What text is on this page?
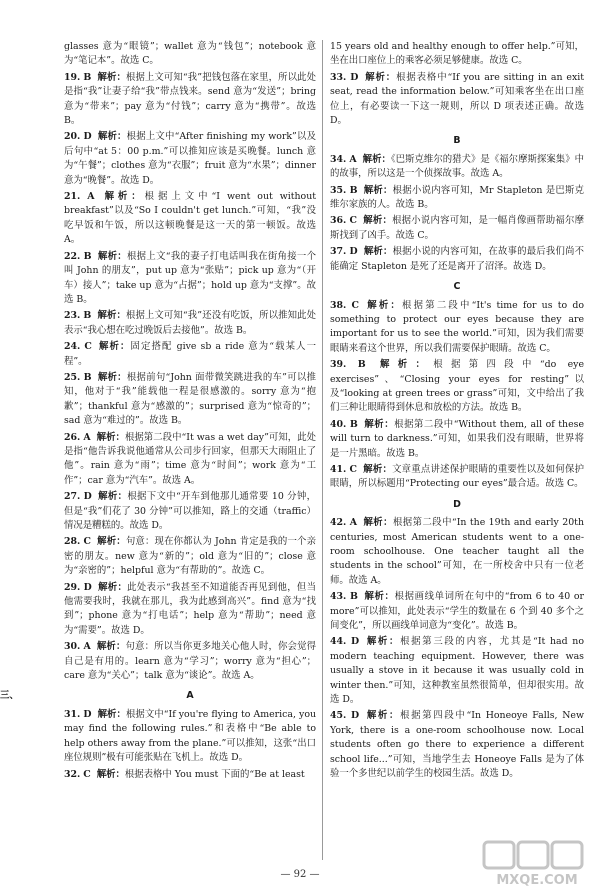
glasses 意为“眼镜”；wallet 意为“钱包”；notebook 意为“笔记本”。故选 C。
19. B 解析：根据上文可知“我”把钱包落在家里，所以此处是指“我”让妻子给“我”带点钱来。send 意为“发送”；bring 意为“带来”；pay 意为“付钱”；carry 意为“携带”。故选 B。
20. D 解析：根据上文中“After finishing my work”以及后句中“at 5：00 p.m.”可以推知应该是买晚餐。lunch 意为“午餐”；clothes 意为“衣服”；fruit 意为“水果”；dinner 意为“晚餐”。故选 D。
21. A 解析：根据上文中“I went out without breakfast”以及“So I couldn't get lunch.”可知，“我”没吃早饭和午饭，所以这顿晚餐是这一天的第一顿饭。故选 A。
22. B 解析：根据上文“我的妻子打电话叫我在街角接一个叫 John 的朋友”，put up 意为“张贴”；pick up 意为“（开车）接人”；take up 意为“占据”；hold up 意为“支撑”。故选 B。
23. B 解析：根据上文可知“我”还没有吃饭，所以推知此处表示“我心想在吃过晚饭后去接他”。故选 B。
24. C 解析：固定搭配 give sb a ride 意为“载某人一程”。
25. B 解析：根据前句“John 面带微笑跳进我的车”可以推知，他对于“我”能载他一程是很感激的。sorry 意为“抱歉”；thankful 意为“感激的”；surprised 意为“惊奇的”；sad 意为“难过的”。故选 B。
26. A 解析：根据第二段中“It was a wet day”可知，此处是指“他告诉我说他通常从公司步行回家，但那天大雨阻止了他”。rain 意为“雨”；time 意为“时间”；work 意为“工作”；car 意为“汽车”。故选 A。
27. D 解析：根据下文中“开车到他那儿通常要 10 分钟，但是“我”们花了 30 分钟”可以推知，路上的交通（traffic）情况是糟糕的。故选 D。
28. C 解析：句意：现在你都认为 John 肯定是我的一个亲密的朋友。new 意为“新的”；old 意为“旧的”；close 意为“亲密的”；helpful 意为“有帮助的”。故选 C。
29. D 解析：此处表示“我甚至不知道能否再见到他，但当他需要我时，我就在那儿，我为此感到高兴”。find 意为“找到”；phone 意为“打电话”；help 意为“帮助”；need 意为“需要”。故选 D。
30. A 解析：句意：所以当你更多地关心他人时，你会觉得自己是有用的。learn 意为“学习”；worry 意为“担心”；care 意为“关心”；talk 意为“谈论”。故选 A。
三、	A
31. D 解析：根据文中“If you're flying to America, you may find the following rules.”和表格中“Be able to help others away from the plane.”可以推知，这张“出口座位规则”极有可能张贴在飞机上。故选 D。
32. C 解析：根据表格中 You must 下面的“Be at least
15 years old and healthy enough to offer help.”可知，坐在出口座位上的乘客必须足够健康。故选 C。
33. D 解析：根据表格中“If you are sitting in an exit seat, read the information below.”可知乘客坐在出口座位上，有必要读一下这一规则，所以 D 项表述正确。故选 D。
B
34. A 解析：《巴斯克维尔的猎犬》是《福尔摩斯探案集》中的故事，所以这是一个侦探故事。故选 A。
35. B 解析：根据小说内容可知，Mr Stapleton 是巴斯克维尔家族的人。故选 B。
36. C 解析：根据小说内容可知，是一幅肖像画帮助福尔摩斯找到了凶手。故选 C。
37. D 解析：根据小说的内容可知，在故事的最后我们尚不能确定 Stapleton 是死了还是离开了沼泽。故选 D。
C
38. C 解析：根据第二段中“It's time for us to do something to protect our eyes because they are important for us to see the world.”可知，因为我们需要眼睛来看这个世界，所以我们需要保护眼睛。故选 C。
39. B 解析：根据第四段中“do eye exercises”、“Closing your eyes for resting”以及“looking at green trees or grass”可知，文中给出了我们三种让眼睛得到休息和放松的方法。故选 B。
40. B 解析：根据第二段中“Without them, all of these will turn to darkness.”可知，如果我们没有眼睛，世界将是一片黑暗。故选 B。
41. C 解析：文章重点讲述保护眼睛的重要性以及如何保护眼睛，所以标题用“Protecting our eyes”最合适。故选 C。
D
42. A 解析：根据第二段中“In the 19th and early 20th centuries, most American students went to a one-room schoolhouse. One teacher taught all the students in the school”可知，在一所校舍中只有一位老师。故选 A。
43. B 解析：根据画线单词所在句中的“from 6 to 40 or more”可以推知，此处表示“学生的数量在 6 个到 40 多个之间变化”，所以画线单词意为“变化”。故选 B。
44. D 解析：根据第三段的内容，尤其是“It had no modern teaching equipment. However, there was usually a stove in it because it was usually cold in winter then.”可知，这种教室虽然很简单，但却很实用。故选 D。
45. D 解析：根据第四段中“In Honeoye Falls, New York, there is a one-room schoolhouse now. Local students often go there to experience a different school life...”可知，当地学生去 Honeoye Falls 是为了体验一个多世纪以前学生的校园生活。故选 D。
— 92 —	MXQE.COM
